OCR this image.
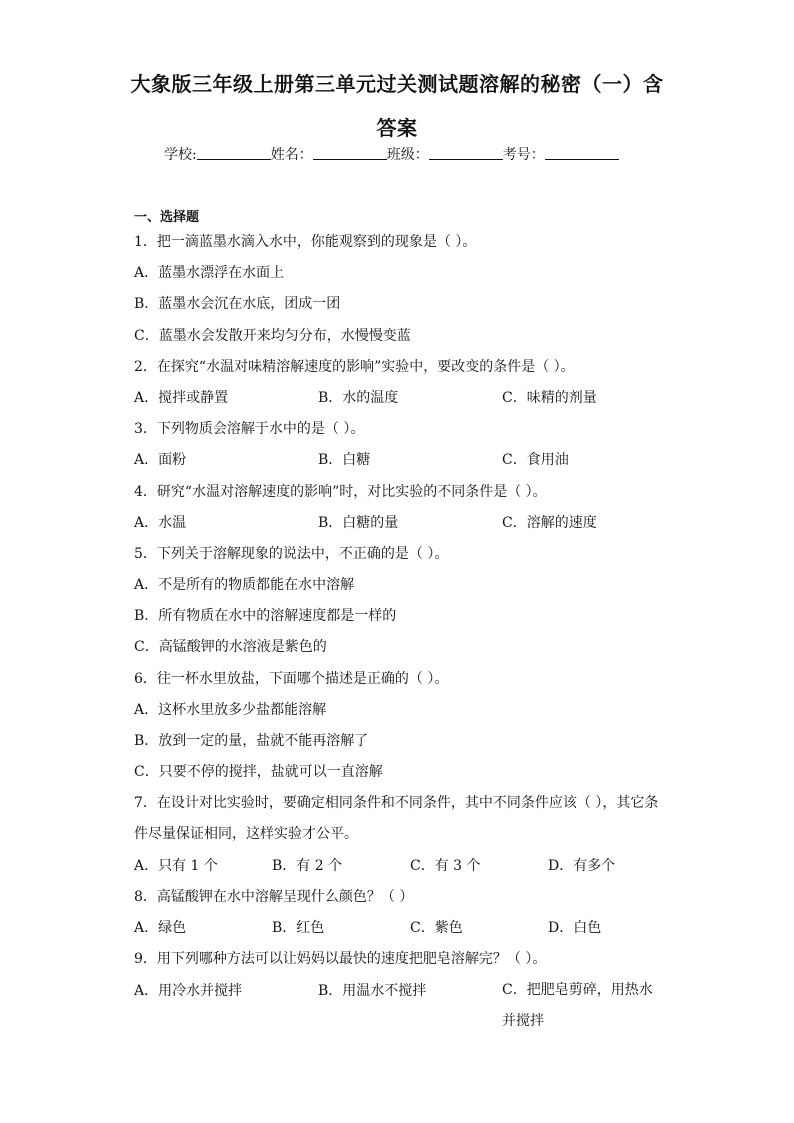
大象版三年级上册第三单元过关测试题溶解的秘密（一）含
答案
学校:	姓名：	班级：	考号：
一、选择题
1．把一滴蓝墨水滴入水中，你能观察到的现象是（ ）。
A．蓝墨水漂浮在水面上
B．蓝墨水会沉在水底，团成一团
C．蓝墨水会发散开来均匀分布，水慢慢变蓝
2．在探究“水温对味精溶解速度的影响”实验中，要改变的条件是（ ）。
A．搅拌或静置	B．水的温度	C．味精的剂量
3．下列物质会溶解于水中的是（ ）。
A．面粉	B．白糖	C．食用油
4．研究“水温对溶解速度的影响”时，对比实验的不同条件是（ ）。
A．水温	B．白糖的量	C．溶解的速度
5．下列关于溶解现象的说法中，不正确的是（ ）。
A．不是所有的物质都能在水中溶解
B．所有物质在水中的溶解速度都是一样的
C．高锰酸钾的水溶液是紫色的
6．往一杯水里放盐，下面哪个描述是正确的（ ）。
A．这杯水里放多少盐都能溶解
B．放到一定的量，盐就不能再溶解了
C．只要不停的搅拌，盐就可以一直溶解
7．在设计对比实验时，要确定相同条件和不同条件，其中不同条件应该（ ），其它条件尽量保证相同，这样实验才公平。
A．只有 1 个	B．有 2 个	C．有 3 个	D．有多个
8．高锰酸钾在水中溶解呈现什么颜色？（ ）
A．绿色	B．红色	C．紫色	D．白色
9．用下列哪种方法可以让妈妈以最快的速度把肥皂溶解完？（ ）。
A．用冷水并搅拌	B．用温水不搅拌	C．把肥皂剪碎，用热水并搅拌
